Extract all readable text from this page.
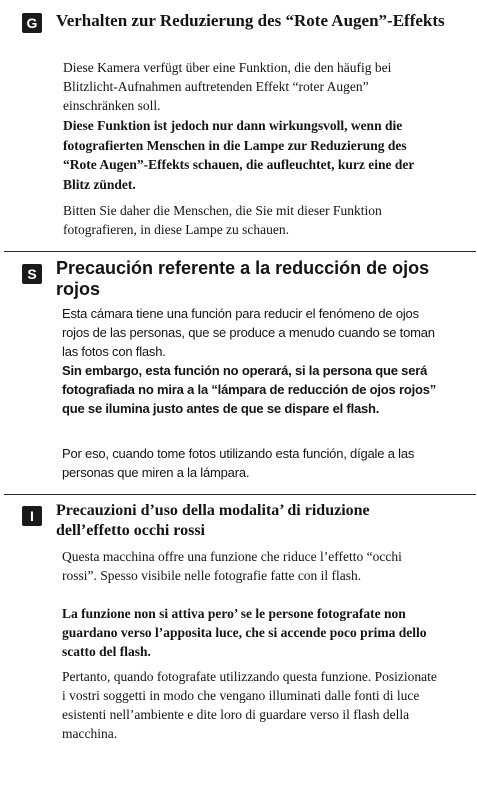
G Verhalten zur Reduzierung des “Rote Augen”-Effekts

Diese Kamera verfügt über eine Funktion, die den häufig bei Blitzlicht-Aufnahmen auftretenden Effekt “roter Augen” einschränken soll.

Diese Funktion ist jedoch nur dann wirkungsvoll, wenn die fotografierten Menschen in die Lampe zur Reduzierung des “Rote Augen”-Effekts schauen, die aufleuchtet, kurz eine der Blitz zündet.

Bitten Sie daher die Menschen, die Sie mit dieser Funktion fotografieren, in diese Lampe zu schauen.

S Precaución referente a la reducción de ojos rojos

Esta cámara tiene una función para reducir el fenómeno de ojos rojos de las personas, que se produce a menudo cuando se toman las fotos con flash.

Sin embargo, esta función no operará, si la persona que será fotografiada no mira a la “lámpara de reducción de ojos rojos” que se ilumina justo antes de que se dispare el flash.

Por eso, cuando tome fotos utilizando esta función, dígale a las personas que miren a la lámpara.

I	Precauzioni d’uso della modalita’ di riduzione dell’effetto occhi rossi

Questa macchina offre una funzione che riduce l’effetto “occhi rossi”. Spesso visibile nelle fotografie fatte con il flash.

La funzione non si attiva pero’ se le persone fotografate non guardano verso l’apposita luce, che si accende poco prima dello scatto del flash.

Pertanto, quando fotografate utilizzando questa funzione. Posizionate i vostri soggetti in modo che vengano illuminati dalle fonti di luce esistenti nell’ambiente e dite loro di guardare verso il flash della macchina.
